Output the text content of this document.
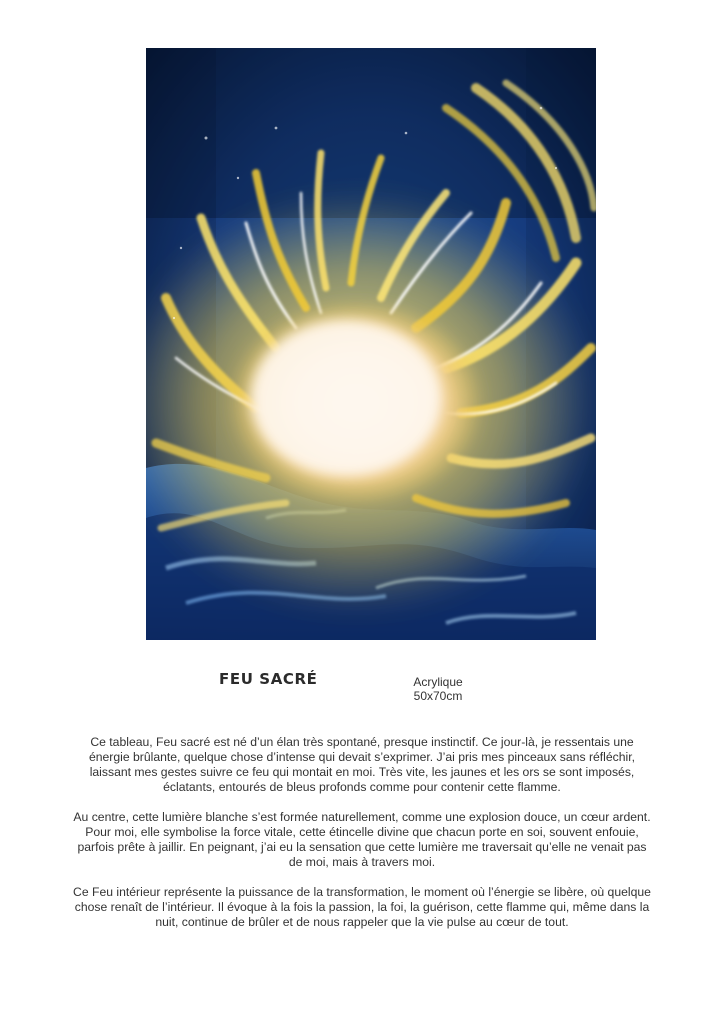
FEU SACRÉ	Acrylique
50x70cm

Ce tableau, Feu sacré est né d’un élan très spontané, presque instinctif. Ce jour-là, je ressentais une énergie brûlante, quelque chose d’intense qui devait s’exprimer. J’ai pris mes pinceaux sans réfléchir, laissant mes gestes suivre ce feu qui montait en moi. Très vite, les jaunes et les ors se sont imposés, éclatants, entourés de bleus profonds comme pour contenir cette flamme.

Au centre, cette lumière blanche s’est formée naturellement, comme une explosion douce, un cœur ardent. Pour moi, elle symbolise la force vitale, cette étincelle divine que chacun porte en soi, souvent enfouie, parfois prête à jaillir. En peignant, j’ai eu la sensation que cette lumière me traversait qu’elle ne venait pas de moi, mais à travers moi.

Ce Feu intérieur représente la puissance de la transformation, le moment où l’énergie se libère, où quelque chose renaît de l’intérieur. Il évoque à la fois la passion, la foi, la guérison, cette flamme qui, même dans la nuit, continue de brûler et de nous rappeler que la vie pulse au cœur de tout.
